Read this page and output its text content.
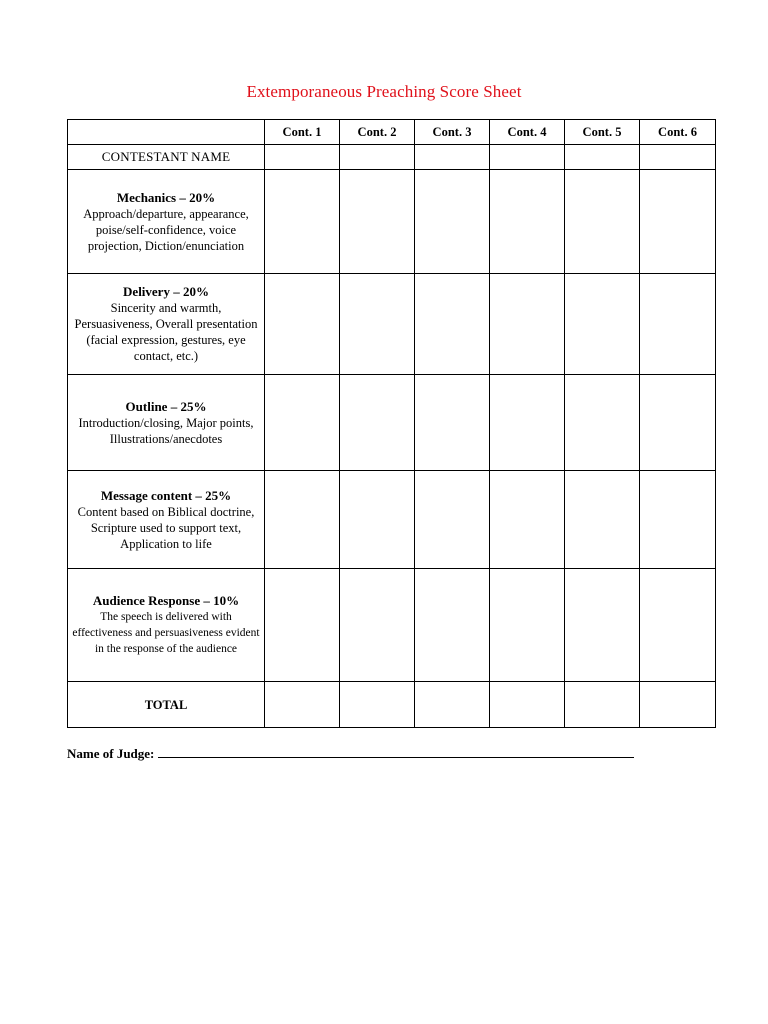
Extemporaneous Preaching Score Sheet
	Cont. 1	Cont. 2	Cont. 3	Cont. 4	Cont. 5	Cont. 6
CONTESTANT NAME						

Mechanics – 20%
Approach/departure, appearance, poise/self-confidence, voice projection, Diction/enunciation						

Delivery – 20%
Sincerity and warmth, Persuasiveness, Overall presentation (facial expression, gestures, eye contact, etc.)						

Outline – 25%
Introduction/closing, Major points, Illustrations/anecdotes						

Message content – 25%
Content based on Biblical doctrine, Scripture used to support text, Application to life						

Audience Response – 10%
The speech is delivered with effectiveness and persuasiveness evident in the response of the audience						

TOTAL						
Name of Judge:
